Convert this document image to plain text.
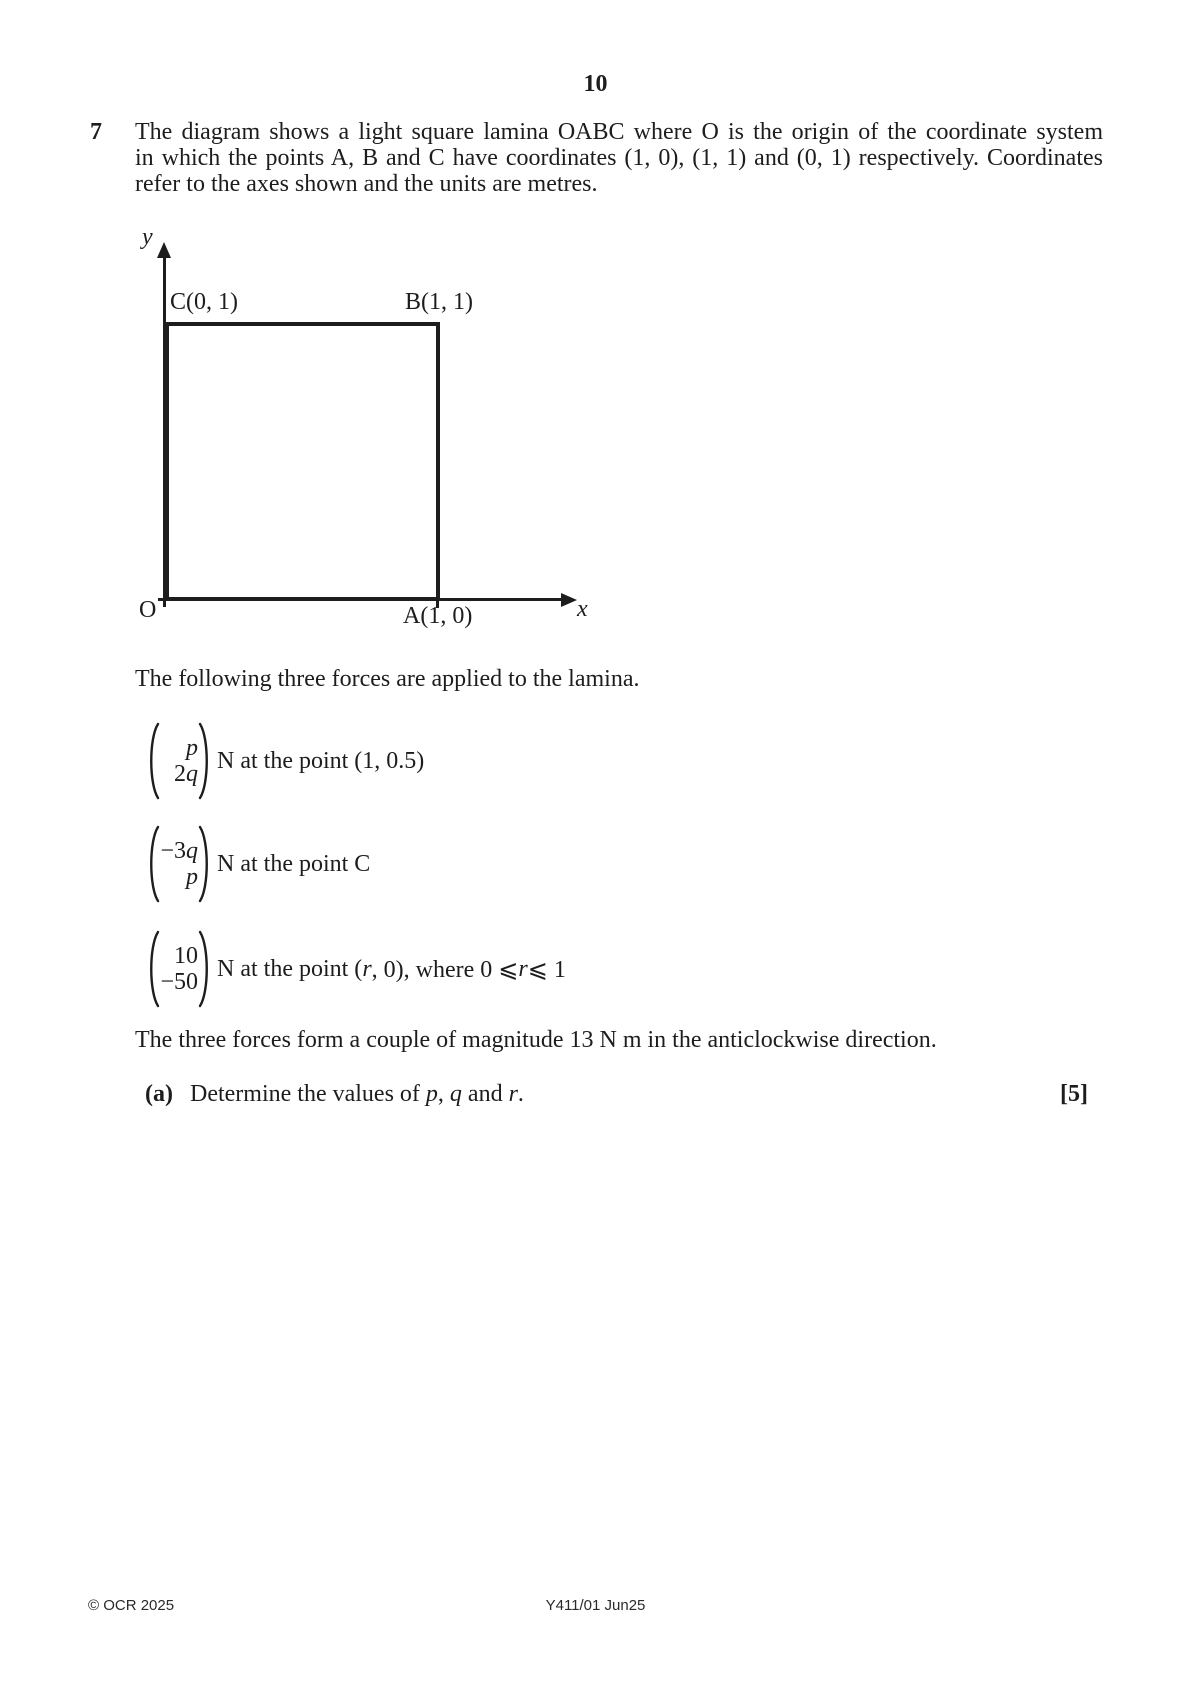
10
7 The diagram shows a light square lamina OABC where O is the origin of the coordinate system
in which the points A, B and C have coordinates (1, 0), (1, 1) and (0, 1) respectively. Coordinates
refer to the axes shown and the units are metres.
y
x
C(0, 1)	B(1, 1)
O	A(1, 0)
The following three forces are applied to the lamina.
p
2q
N at the point (1, 0.5)
−3q
p
N at the point C
10
−50
N at the point ( r , 0), where 0 ⩽ r ⩽ 1
The three forces form a couple of magnitude 13 N m in the anticlockwise direction.
(a) Determine the values of p, q and r.	[5]
© OCR 2025	Y411/01 Jun25
